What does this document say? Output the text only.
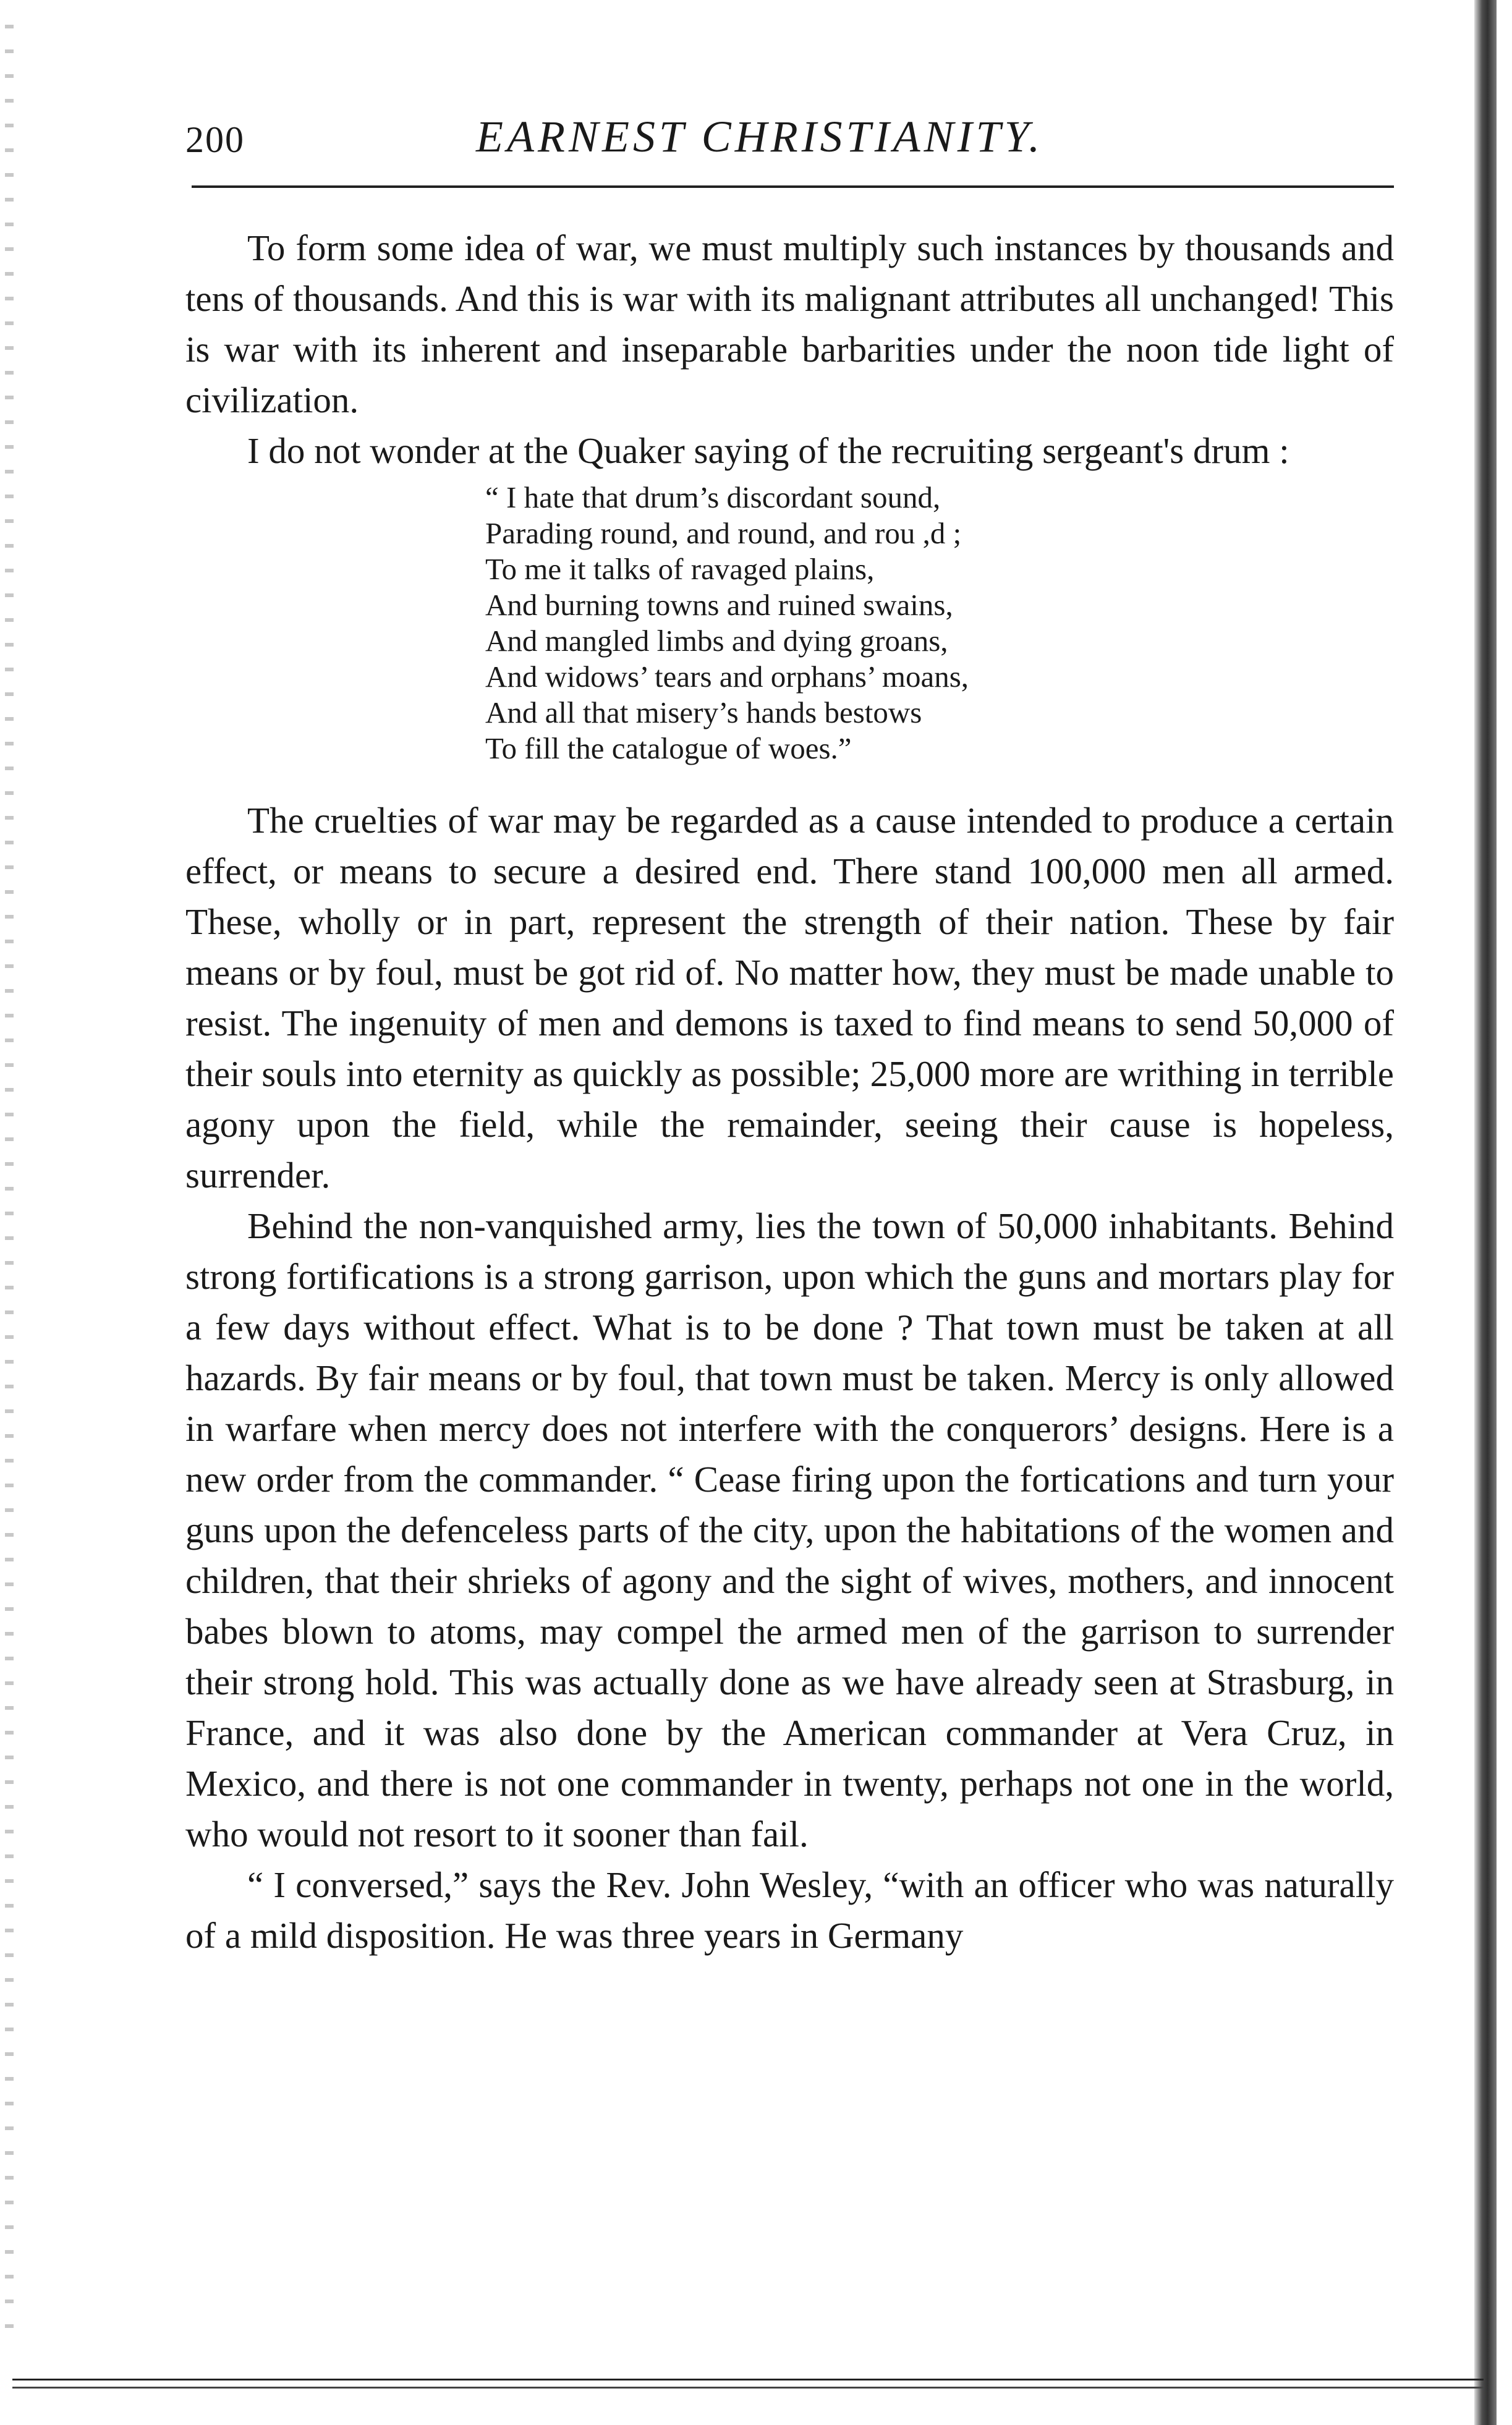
200	EARNEST CHRISTIANITY.

To form some idea of war, we must multiply such instances by thousands and tens of thousands. And this is war with its malignant attributes all unchanged! This is war with its inherent and inseparable barbarities under the noon tide light of civilization.

I do not wonder at the Quaker saying of the recruiting sergeant's drum :

“ I hate that drum’s discordant sound,
Parading round, and round, and rou ,d ;
To me it talks of ravaged plains,
And burning towns and ruined swains,
And mangled limbs and dying groans,
And widows’ tears and orphans’ moans,
And all that misery’s hands bestows
To fill the catalogue of woes.”

The cruelties of war may be regarded as a cause intended to produce a certain effect, or means to secure a desired end. There stand 100,000 men all armed. These, wholly or in part, represent the strength of their nation. These by fair means or by foul, must be got rid of. No matter how, they must be made unable to resist. The ingenuity of men and demons is taxed to find means to send 50,000 of their souls into eternity as quickly as possible; 25,000 more are writhing in terrible agony upon the field, while the remainder, seeing their cause is hopeless, surrender.

Behind the non-vanquished army, lies the town of 50,000 inhabitants. Behind strong fortifications is a strong garrison, upon which the guns and mortars play for a few days without effect. What is to be done ? That town must be taken at all hazards. By fair means or by foul, that town must be taken. Mercy is only allowed in warfare when mercy does not interfere with the conquerors’ designs. Here is a new order from the commander. “ Cease firing upon the fortications and turn your guns upon the defenceless parts of the city, upon the habitations of the women and children, that their shrieks of agony and the sight of wives, mothers, and innocent babes blown to atoms, may compel the armed men of the garrison to surrender their strong hold. This was actually done as we have already seen at Strasburg, in France, and it was also done by the American commander at Vera Cruz, in Mexico, and there is not one commander in twenty, perhaps not one in the world, who would not resort to it sooner than fail.

“ I conversed,” says the Rev. John Wesley, “with an officer who was naturally of a mild disposition. He was three years in Germany
